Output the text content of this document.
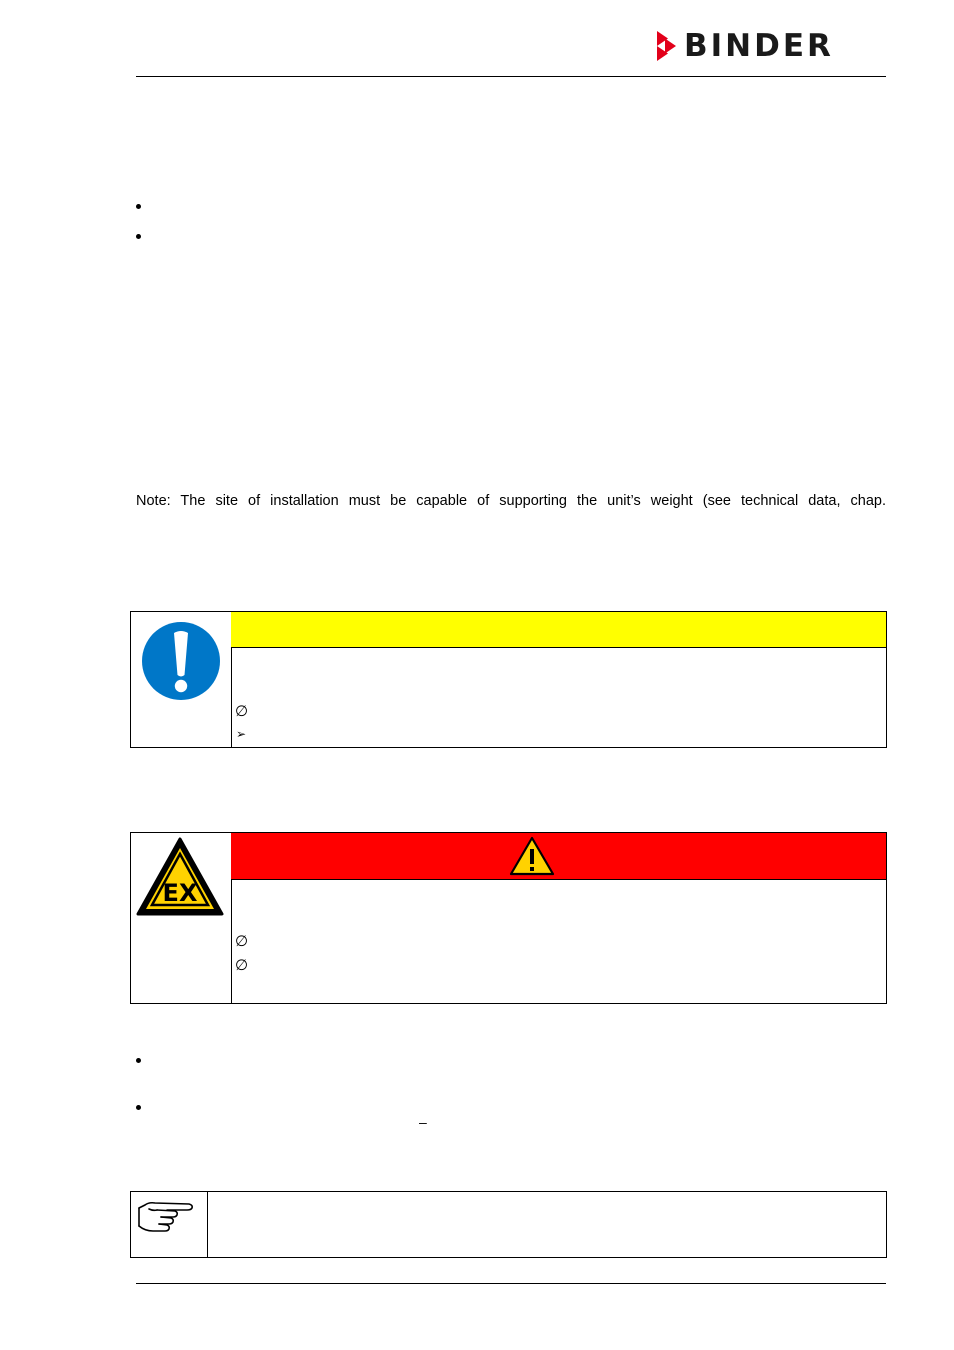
BINDER
Note: The site of installation must be capable of supporting the unit’s weight (see technical data, chap.
∅
➢
EX
∅
∅
–
